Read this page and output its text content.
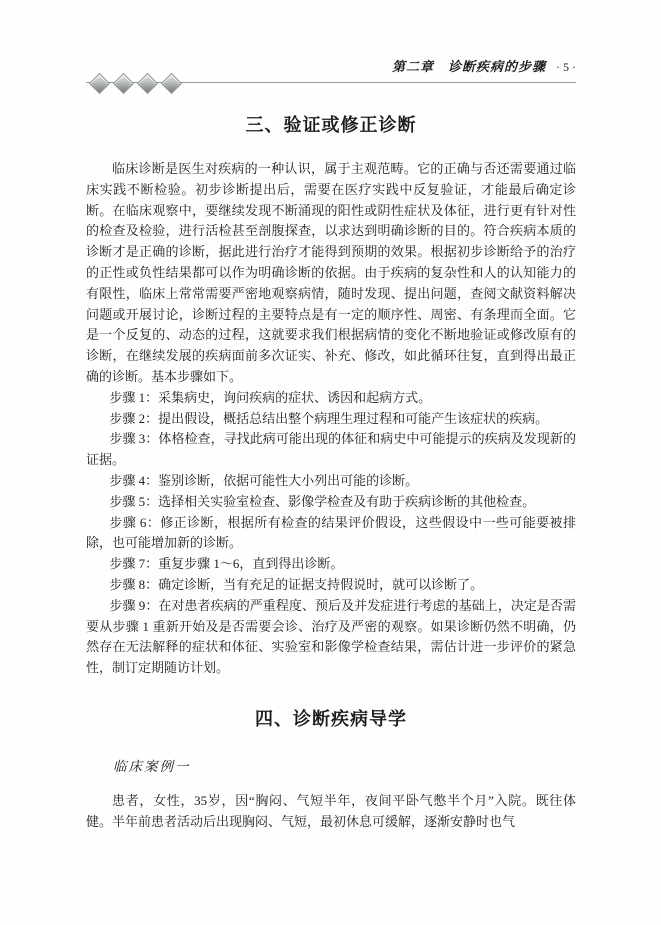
第二章　诊断疾病的步骤 · 5 ·
三、验证或修正诊断

临床诊断是医生对疾病的一种认识，属于主观范畴。它的正确与否还需要通过临床实践不断检验。初步诊断提出后，需要在医疗实践中反复验证，才能最后确定诊断。在临床观察中，要继续发现不断涌现的阳性或阴性症状及体征，进行更有针对性的检查及检验，进行活检甚至剖腹探查，以求达到明确诊断的目的。符合疾病本质的诊断才是正确的诊断，据此进行治疗才能得到预期的效果。根据初步诊断给予的治疗的正性或负性结果都可以作为明确诊断的依据。由于疾病的复杂性和人的认知能力的有限性，临床上常常需要严密地观察病情，随时发现、提出问题，查阅文献资料解决问题或开展讨论，诊断过程的主要特点是有一定的顺序性、周密、有条理而全面。它是一个反复的、动态的过程，这就要求我们根据病情的变化不断地验证或修改原有的诊断，在继续发展的疾病面前多次证实、补充、修改，如此循环往复，直到得出最正确的诊断。基本步骤如下。

步骤 1：采集病史，询问疾病的症状、诱因和起病方式。

步骤 2：提出假设，概括总结出整个病理生理过程和可能产生该症状的疾病。

步骤 3：体格检查，寻找此病可能出现的体征和病史中可能提示的疾病及发现新的证据。

步骤 4：鉴别诊断，依据可能性大小列出可能的诊断。

步骤 5：选择相关实验室检查、影像学检查及有助于疾病诊断的其他检查。

步骤 6：修正诊断，根据所有检查的结果评价假设，这些假设中一些可能要被排除，也可能增加新的诊断。

步骤 7：重复步骤 1～6，直到得出诊断。

步骤 8：确定诊断，当有充足的证据支持假说时，就可以诊断了。

步骤 9：在对患者疾病的严重程度、预后及并发症进行考虑的基础上，决定是否需要从步骤 1 重新开始及是否需要会诊、治疗及严密的观察。如果诊断仍然不明确，仍然存在无法解释的症状和体征、实验室和影像学检查结果，需估计进一步评价的紧急性，制订定期随访计划。

四、诊断疾病导学

临床案例一

患者，女性，35岁，因“胸闷、气短半年，夜间平卧气憋半个月”入院。既往体健。半年前患者活动后出现胸闷、气短，最初休息可缓解，逐渐安静时也气
